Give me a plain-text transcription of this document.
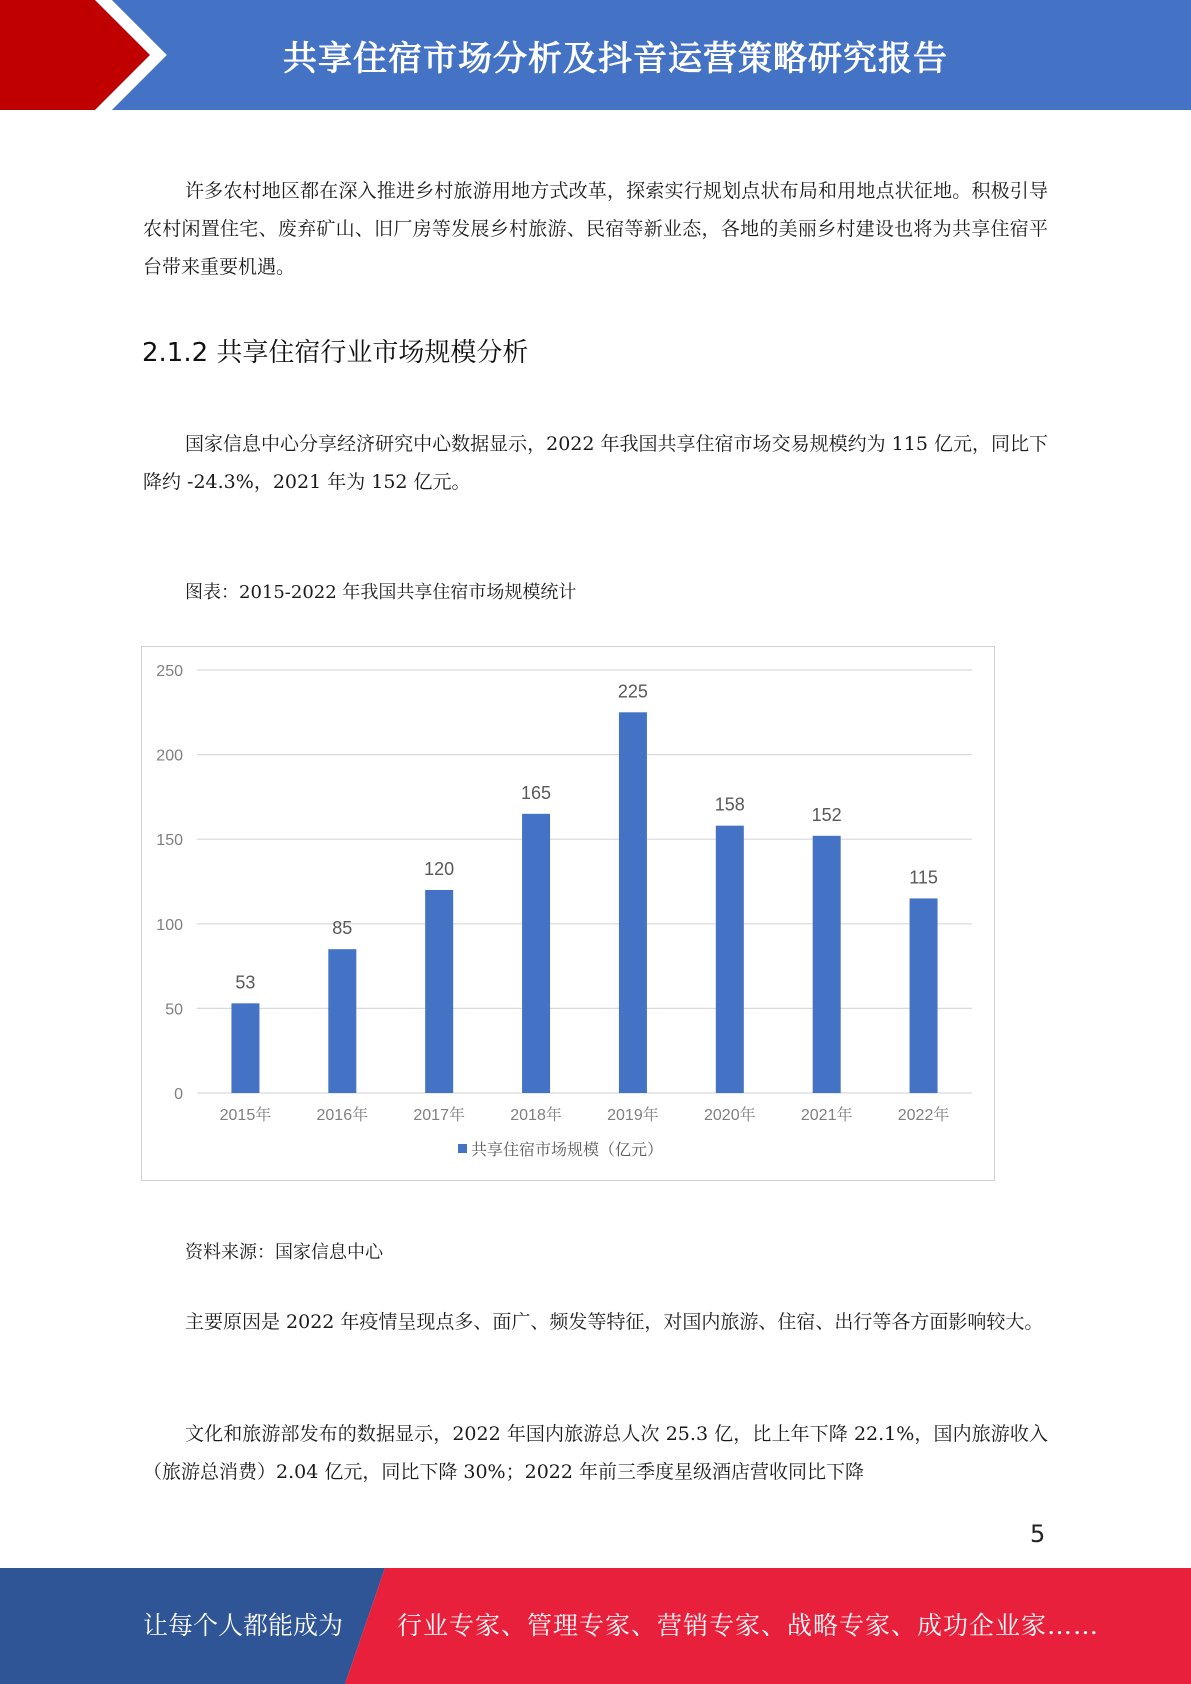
共享住宿市场分析及抖音运营策略研究报告

许多农村地区都在深入推进乡村旅游用地方式改革，探索实行规划点状布局和用地点状征地。积极引导农村闲置住宅、废弃矿山、旧厂房等发展乡村旅游、民宿等新业态，各地的美丽乡村建设也将为共享住宿平台带来重要机遇。

2.1.2 共享住宿行业市场规模分析

国家信息中心分享经济研究中心数据显示，2022 年我国共享住宿市场交易规模约为 115 亿元，同比下降约 -24.3%，2021 年为 152 亿元。

图表：2015-2022 年我国共享住宿市场规模统计

0
50
100
150
200
250
53
2015年
85
2016年
120
2017年
165
2018年
225
2019年
158
2020年
152
2021年
115
2022年
共享住宿市场规模（亿元）

资料来源：国家信息中心

主要原因是 2022 年疫情呈现点多、面广、频发等特征，对国内旅游、住宿、出行等各方面影响较大。

文化和旅游部发布的数据显示，2022 年国内旅游总人次 25.3 亿，比上年下降 22.1%，国内旅游收入（旅游总消费）2.04 亿元，同比下降 30%；2022 年前三季度星级酒店营收同比下降

5
让每个人都能成为 行业专家、管理专家、营销专家、战略专家、成功企业家……
